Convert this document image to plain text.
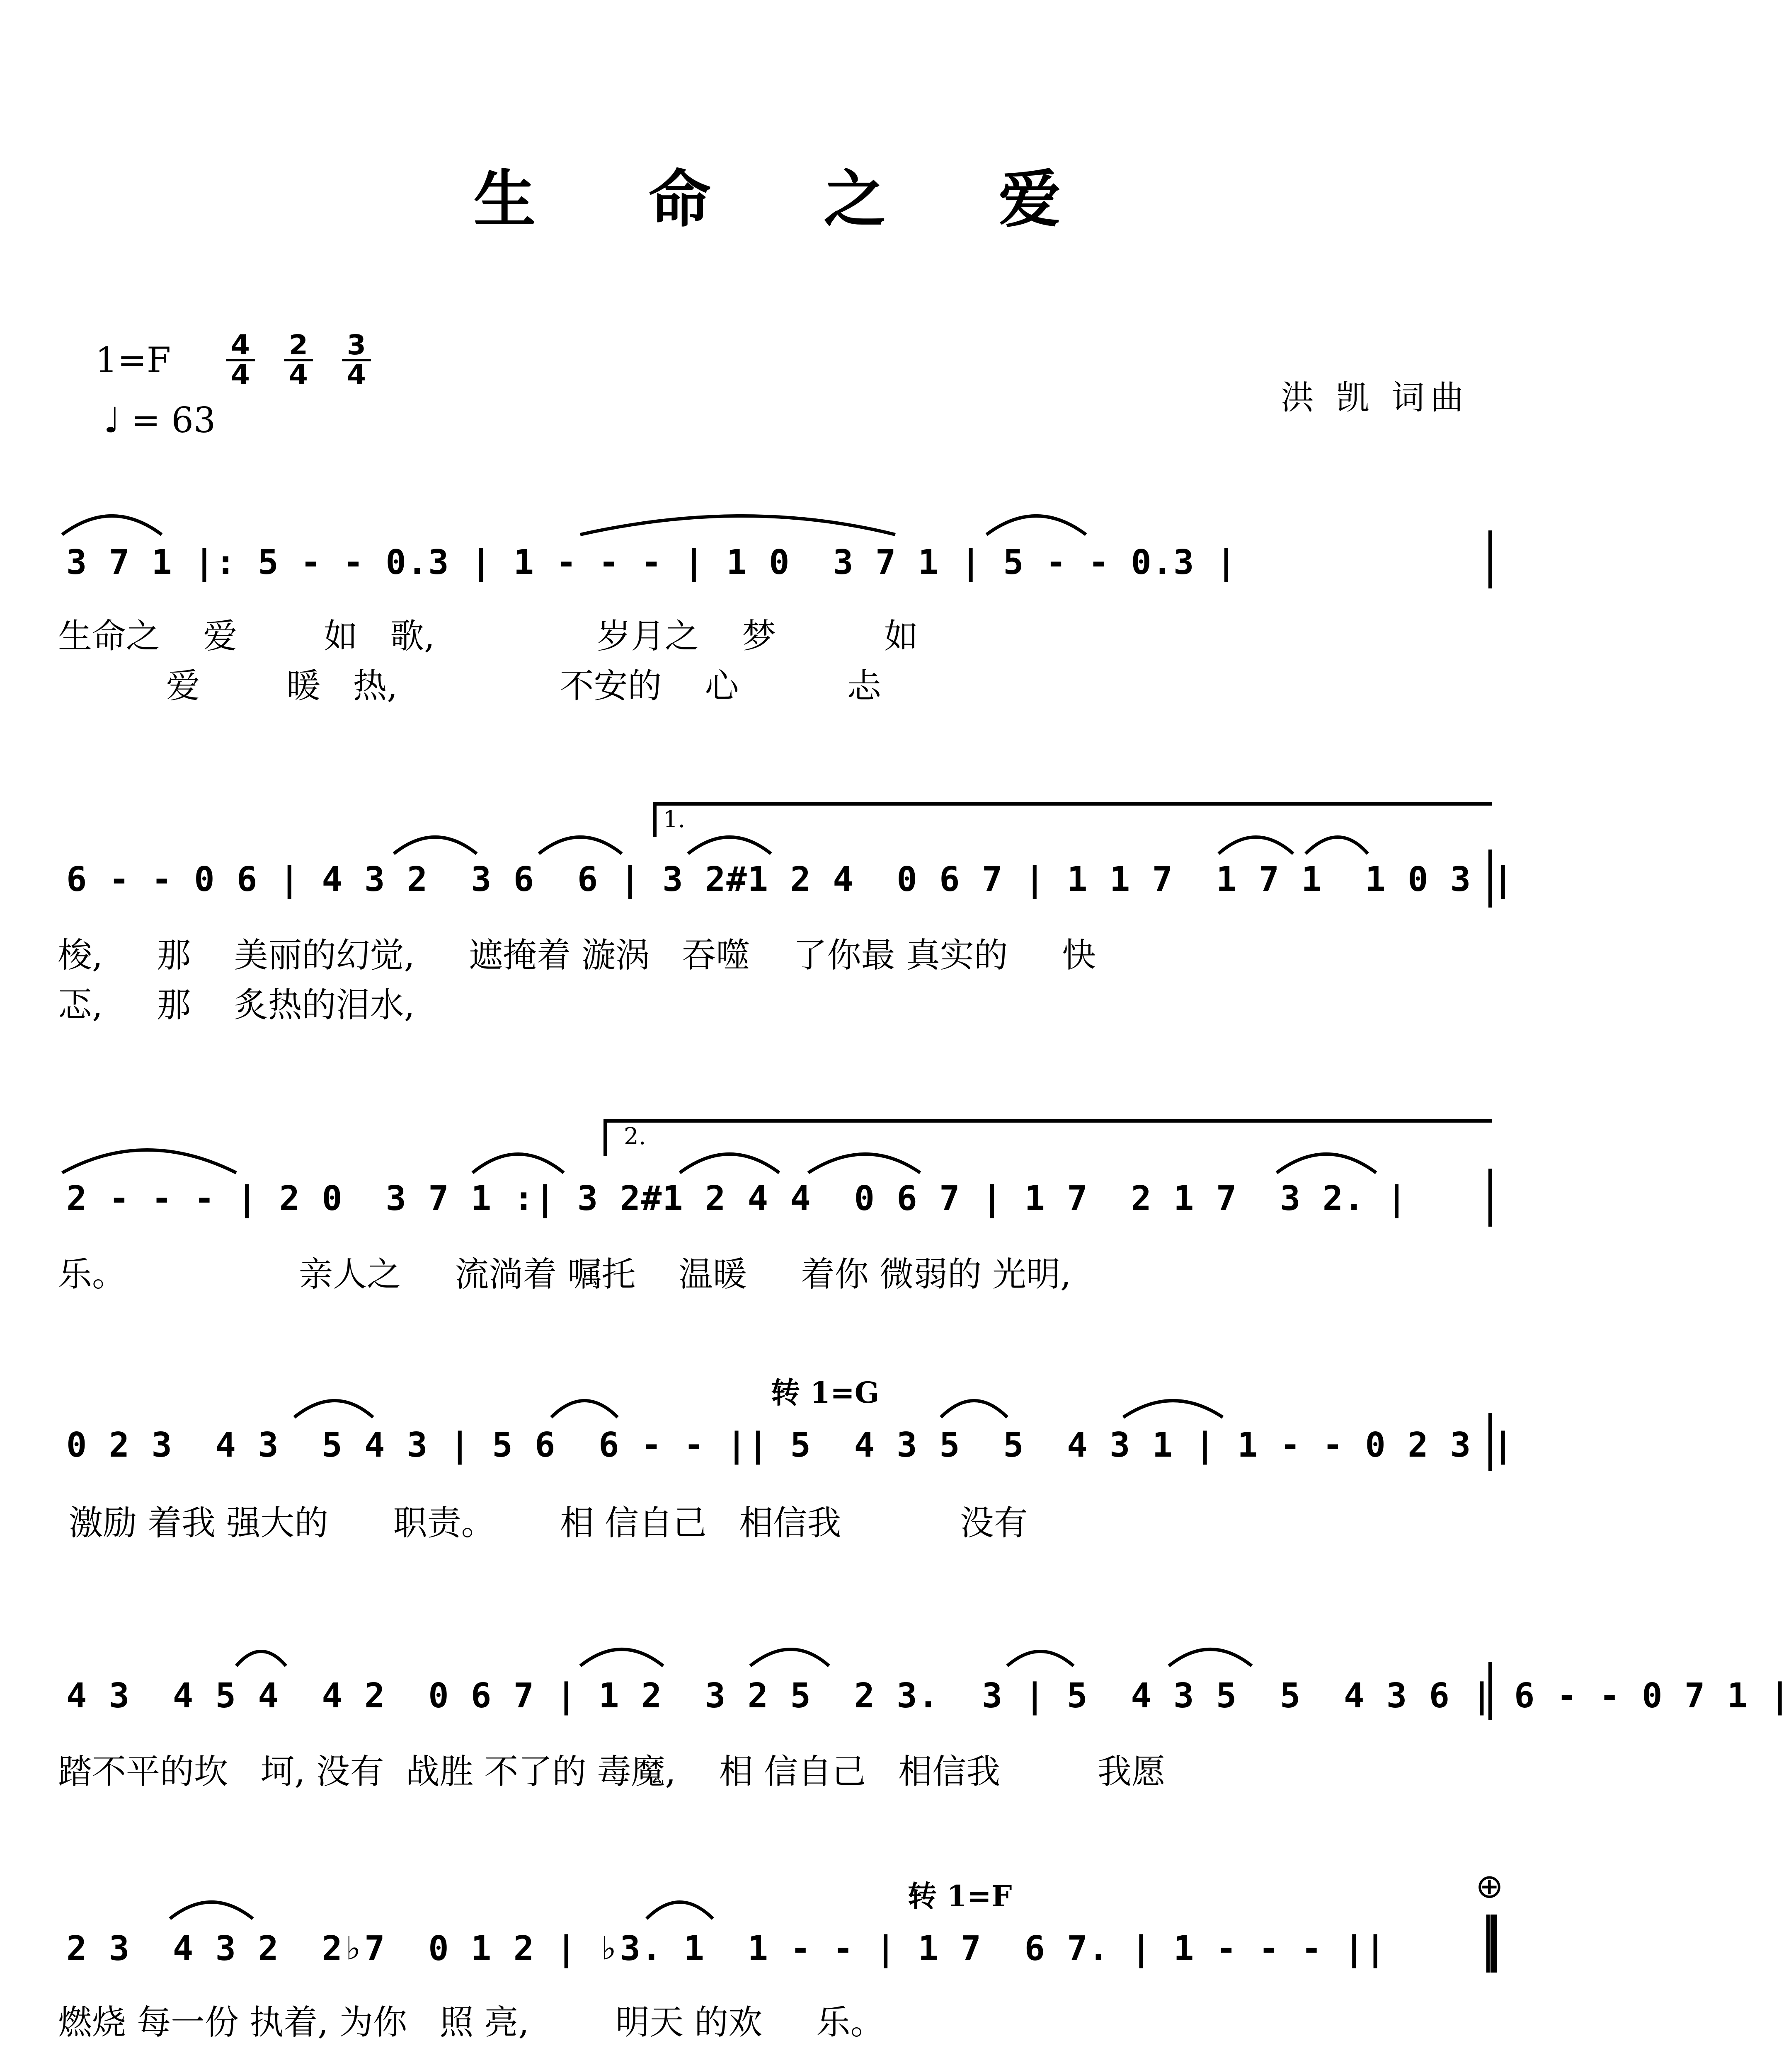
生 命 之 爱
1=F
♩ = 63
4
4
2
4
3
4
洪 凯 词曲
3 7 1 |: 5 - - 0.3 | 1 - - - | 1 0  3 7 1 | 5 - - 0.3 |
生命之    爱        如   歌,               岁月之    梦          如
爱        暖   热,               不安的    心          忐
6 - - 0 6 | 4 3 2  3 6  6 | 3 2#1 2 4  0 6 7 | 1 1 7  1 7 1  1 0 3 |
梭,     那    美丽的幻觉,     遮掩着 漩涡   吞噬    了你最 真实的     快
忑,     那    炙热的泪水,
1.
2 - - - | 2 0  3 7 1 :| 3 2#1 2 4 4  0 6 7 | 1 7  2 1 7  3 2. |
乐。                亲人之     流淌着 嘱托    温暖     着你 微弱的 光明,
2.
转 1=G
0 2 3  4 3  5 4 3 | 5 6  6 - - || 5  4 3 5  5  4 3 1 | 1 - - 0 2 3 |
激励 着我 强大的      职责。      相 信自己   相信我           没有
4 3  4 5 4  4 2  0 6 7 | 1 2  3 2 5  2 3.  3 | 5  4 3 5  5  4 3 6 | 6 - - 0 7 1 |
踏不平的坎   坷, 没有  战胜 不了的 毒魔,    相 信自己   相信我         我愿
转 1=F
2 3  4 3 2  2♭7  0 1 2 | ♭3. 1  1 - - | 1 7  6 7. | 1 - - - ||
燃烧 每一份 执着, 为你   照 亮,        明天 的欢     乐。
⊕
